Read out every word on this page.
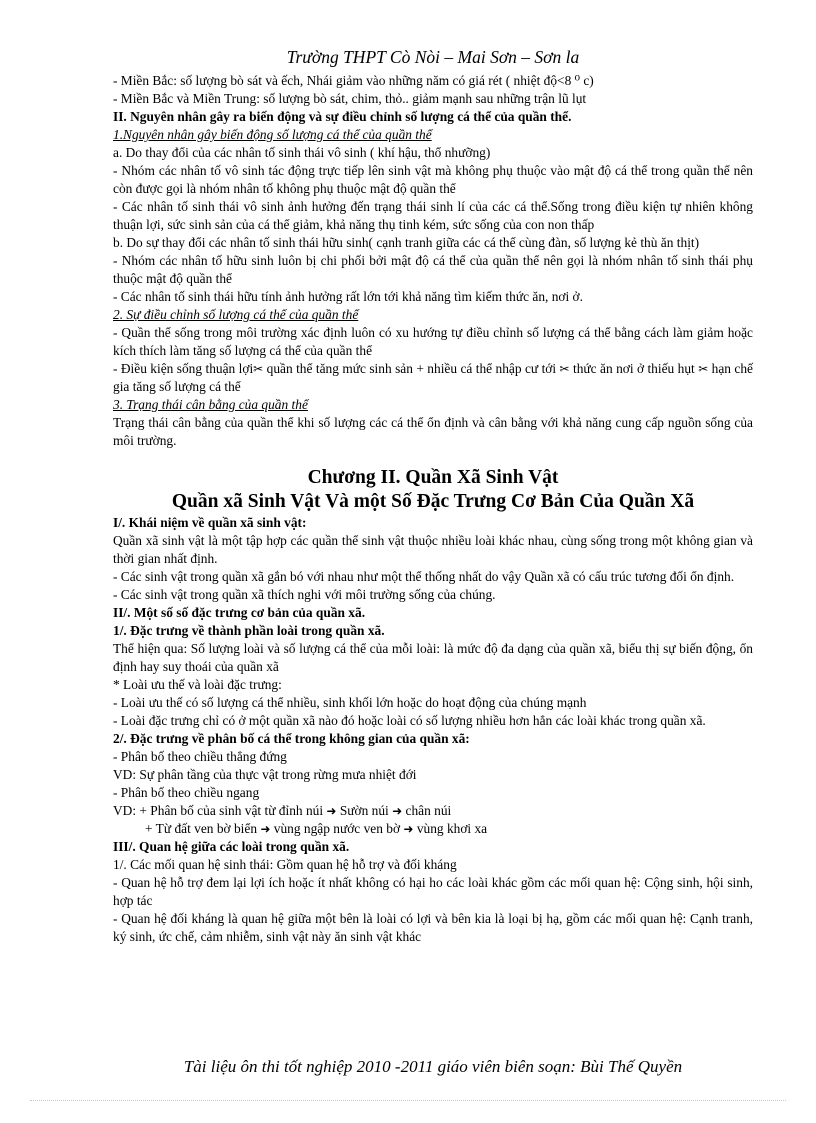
Trường THPT Cò Nòi – Mai Sơn – Sơn la

- Miền Bắc: số lượng bò sát và ếch, Nhái giảm vào những năm có giá rét ( nhiệt độ<8 ⁰ c)

- Miền Bắc và Miền Trung: số lượng bò sát, chim, thỏ.. giảm mạnh sau những trận lũ lụt

II. Nguyên nhân gây ra biến động và sự điều chỉnh số lượng cá thể của quần thể.

1.Nguyên nhân gây biến động số lượng cá thể của quần thể

a. Do thay đổi của các nhân tố sinh thái vô sinh ( khí hậu, thổ nhưỡng)

- Nhóm các nhân tố vô sinh tác động trực tiếp lên sinh vật mà không phụ thuộc vào mật độ cá thể trong quần thể nên còn được gọi là nhóm nhân tố không phụ thuộc mật độ quần thể

- Các nhân tố sinh thái vô sinh ảnh hưởng đến trạng thái sinh lí của các cá thể.Sống trong điều kiện tự nhiên không thuận lợi, sức sinh sản của cá thể giảm, khả năng thụ tinh kém, sức sống của con non thấp

b. Do sự thay đổi các nhân tố sinh thái hữu sinh( cạnh tranh giữa các cá thể cùng đàn, số lượng kẻ thù ăn thịt)

- Nhóm các nhân tố hữu sinh luôn bị chi phối bởi mật độ cá thể của quần thể nên gọi là nhóm nhân tố sinh thái phụ thuộc mật độ quần thể

- Các nhân tố sinh thái hữu tính ảnh hưởng rất lớn tới khả năng tìm kiếm thức ăn, nơi ở.

2. Sự điều chỉnh số lượng cá thể của quần thể

- Quần thể sống trong môi trường xác định luôn có xu hướng tự điều chỉnh số lượng cá thể bằng cách làm giảm hoặc kích thích làm tăng số lượng cá thể của quần thể

- Điều kiện sống thuận lợi✂ quần thể tăng mức sinh sản + nhiều cá thể nhập cư tới ✂ thức ăn nơi ở thiếu hụt ✂ hạn chế gia tăng số lượng cá thể

3. Trạng thái cân bằng của quần thể

Trạng thái cân bằng của quần thể khi số lượng các cá thể ổn định và cân bằng với khả năng cung cấp nguồn sống của môi trường.

Chương II. Quần Xã Sinh Vật

Quần xã Sinh Vật Và một Số Đặc Trưng Cơ Bản Của Quần Xã

I/. Khái niệm về quần xã sinh vật:

Quần xã sinh vật là một tập hợp các quần thể sinh vật thuộc nhiều loài khác nhau, cùng sống trong một không gian và thời gian nhất định.

- Các sinh vật trong quần xã gắn bó với nhau như một thể thống nhất do vậy Quần xã có cấu trúc tương đối ổn định.

- Các sinh vật trong quần xã thích nghi với môi trường sống của chúng.

II/. Một số số đặc trưng cơ bản của quần xã.

1/. Đặc trưng về thành phần loài trong quần xã.

Thể hiện qua: Số lượng loài và số lượng cá thể của mỗi loài: là mức độ đa dạng của quần xã, biểu thị sự biến động, ổn định hay suy thoái của quần xã

* Loài ưu thế và loài đặc trưng:

- Loài ưu thế có số lượng cá thể nhiều, sinh khối lớn hoặc do hoạt động của chúng mạnh

- Loài đặc trưng chỉ có ở một quần xã nào đó hoặc loài có số lượng nhiều hơn hẳn các loài khác trong quần xã.

2/. Đặc trưng về phân bố cá thể trong không gian của quần xã:

- Phân bố theo chiều thẳng đứng

VD: Sự phân tầng của thực vật trong rừng mưa nhiệt đới

- Phân bố theo chiều ngang

VD: + Phân bố của sinh vật từ đỉnh núi ➜ Sườn núi ➜ chân núi

+ Từ đất ven bờ biển ➜ vùng ngập nước ven bờ ➜ vùng khơi xa

III/. Quan hệ giữa các loài trong quần xã.

1/. Các mối quan hệ sinh thái: Gồm quan hệ hỗ trợ và đối kháng

- Quan hệ hỗ trợ đem lại lợi ích hoặc ít nhất không có hại ho các loài khác gồm các mối quan hệ: Cộng sinh, hội sinh, hợp tác

- Quan hệ đối kháng là quan hệ giữa một bên là loài có lợi và bên kia là loại bị hạ, gồm các mối quan hệ: Cạnh tranh, ký sinh, ức chế, cảm nhiễm, sinh vật này ăn sinh vật khác

Tài liệu ôn thi tốt nghiệp 2010 -2011 giáo viên biên soạn: Bùi Thế Quyền
